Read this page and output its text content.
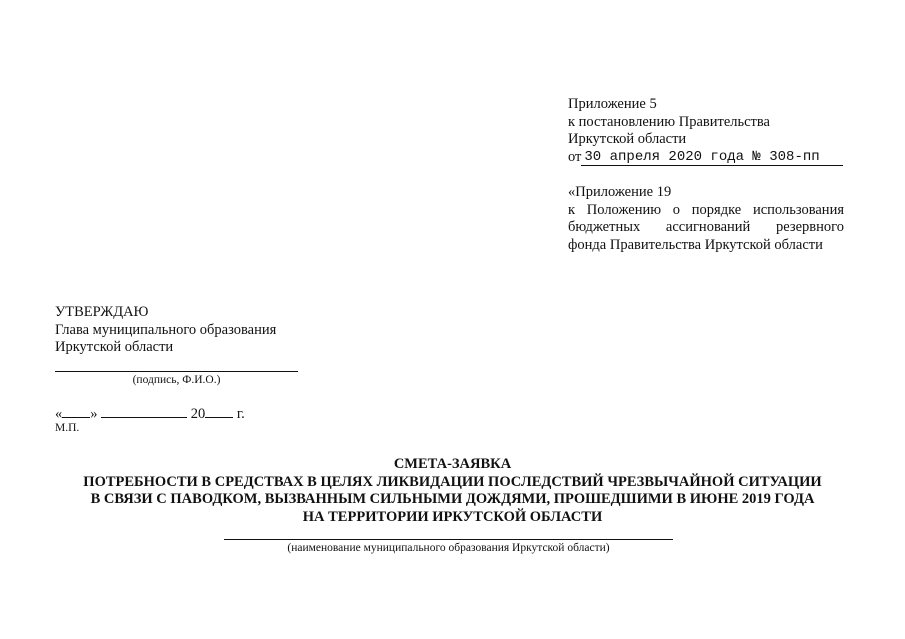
Приложение 5
к постановлению Правительства
Иркутской области
от 30 апреля 2020 года № 308-пп
«Приложение 19
к Положению о порядке использования
бюджетных ассигнований резервного
фонда Правительства Иркутской области
УТВЕРЖДАЮ
Глава муниципального образования
Иркутской области
(подпись, Ф.И.О.)
« »	20 г.
М.П.
СМЕТА-ЗАЯВКА
ПОТРЕБНОСТИ В СРЕДСТВАХ В ЦЕЛЯХ ЛИКВИДАЦИИ ПОСЛЕДСТВИЙ ЧРЕЗВЫЧАЙНОЙ СИТУАЦИИ
В СВЯЗИ С ПАВОДКОМ, ВЫЗВАННЫМ СИЛЬНЫМИ ДОЖДЯМИ, ПРОШЕДШИМИ В ИЮНЕ 2019 ГОДА
НА ТЕРРИТОРИИ ИРКУТСКОЙ ОБЛАСТИ
(наименование муниципального образования Иркутской области)
